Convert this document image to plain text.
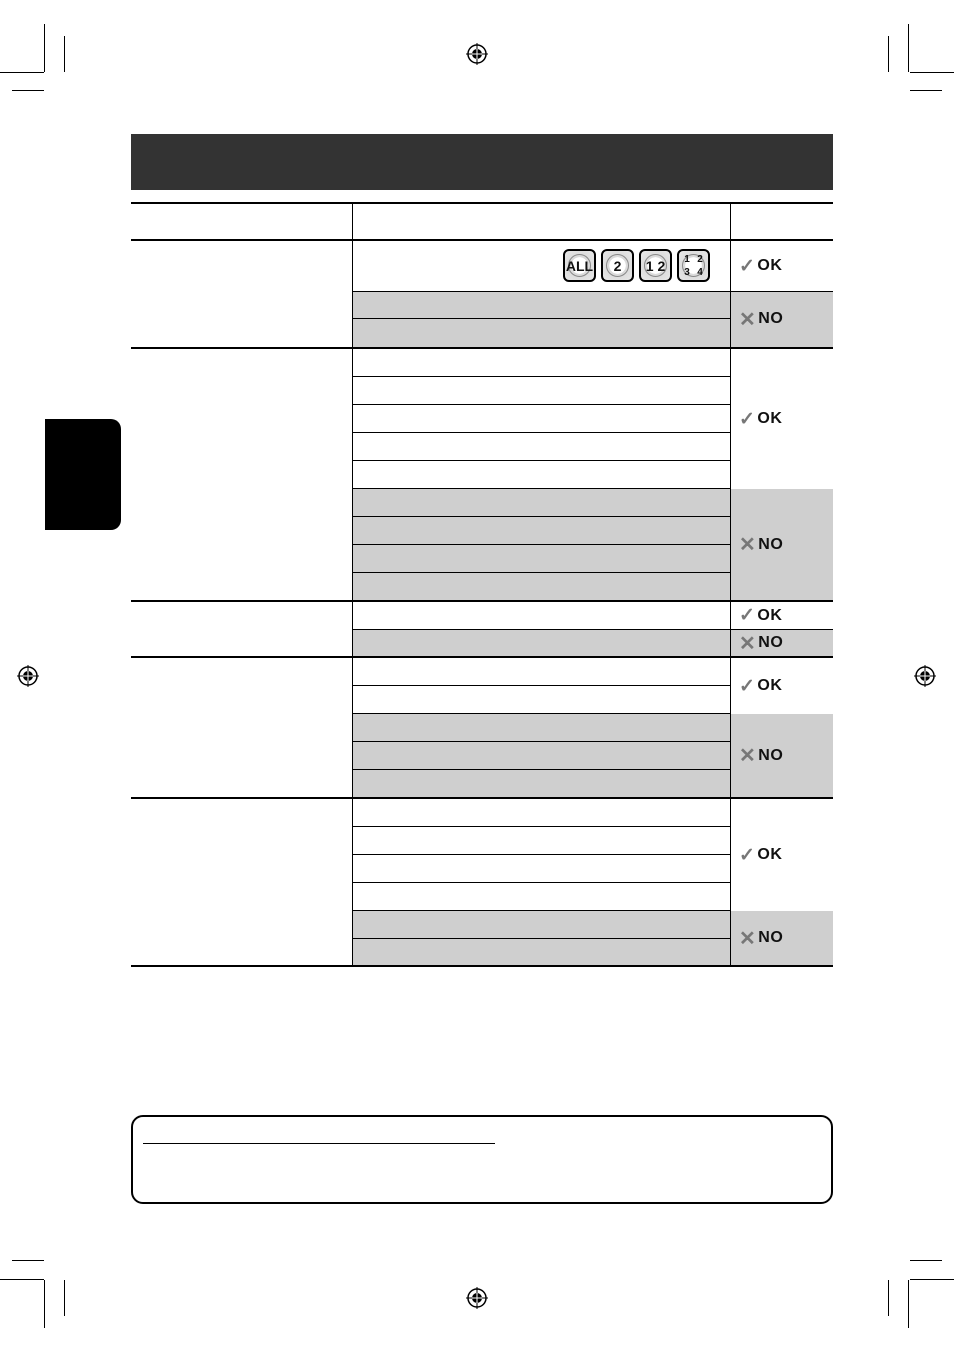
ALL 2 1 2	1 2
3 4 ✓ OK
✕ NO
✓ OK
✕ NO
✓ OK
✕ NO
✓ OK
✕ NO
✓ OK
✕ NO
